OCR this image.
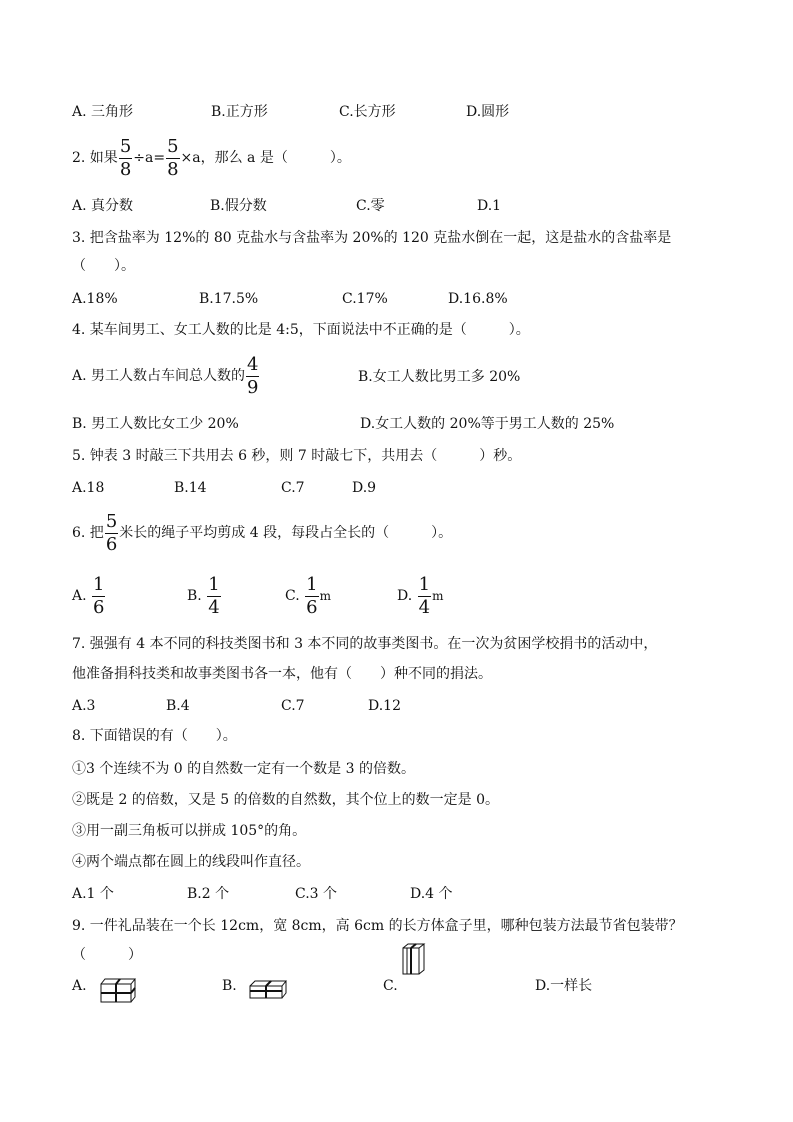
A. 三角形	B.正方形	C.长方形	D.圆形
2. 如果 $\frac{5}{8} \div a= \frac{5}{8} \times a$，那么 a 是（　　　）。
A. 真分数	B.假分数	C.零	D.1
3. 把含盐率为 12%的 80 克盐水与含盐率为 20%的 120 克盐水倒在一起，这是盐水的含盐率是
（　　）。
A.18%	B.17.5%	C.17%	D.16.8%
4. 某车间男工、女工人数的比是 4:5，下面说法中不正确的是（　　　）。
A. 男工人数占车间总人数的 $\frac{4}{9}$	B.女工人数比男工多 20%
B. 男工人数比女工少 20%	D.女工人数的 20%等于男工人数的 25%
5. 钟表 3 时敲三下共用去 6 秒，则 7 时敲七下，共用去（　　　）秒。
A.18	B.14	C.7	D.9
6. 把 $\frac{5}{6}$ 米长的绳子平均剪成 4 段，每段占全长的（　　　）。
A.
$\frac{1}{6}$	B.
$\frac{1}{4}$	C.
$\frac{1}{6}$ m	D.
$\frac{1}{4}$ m
7. 强强有 4 本不同的科技类图书和 3 本不同的故事类图书。在一次为贫困学校捐书的活动中，
他准备捐科技类和故事类图书各一本，他有（　　）种不同的捐法。
A.3	B.4	C.7	D.12
8. 下面错误的有（　　）。
①3 个连续不为 0 的自然数一定有一个数是 3 的倍数。
②既是 2 的倍数，又是 5 的倍数的自然数，其个位上的数一定是 0。
③用一副三角板可以拼成 105°的角。
④两个端点都在圆上的线段叫作直径。
A.1 个	B.2 个	C.3 个	D.4 个
9. 一件礼品装在一个长 12cm，宽 8cm，高 6cm 的长方体盒子里，哪种包装方法最节省包装带？
（　　　）
A.	B.	C.	D.一样长
